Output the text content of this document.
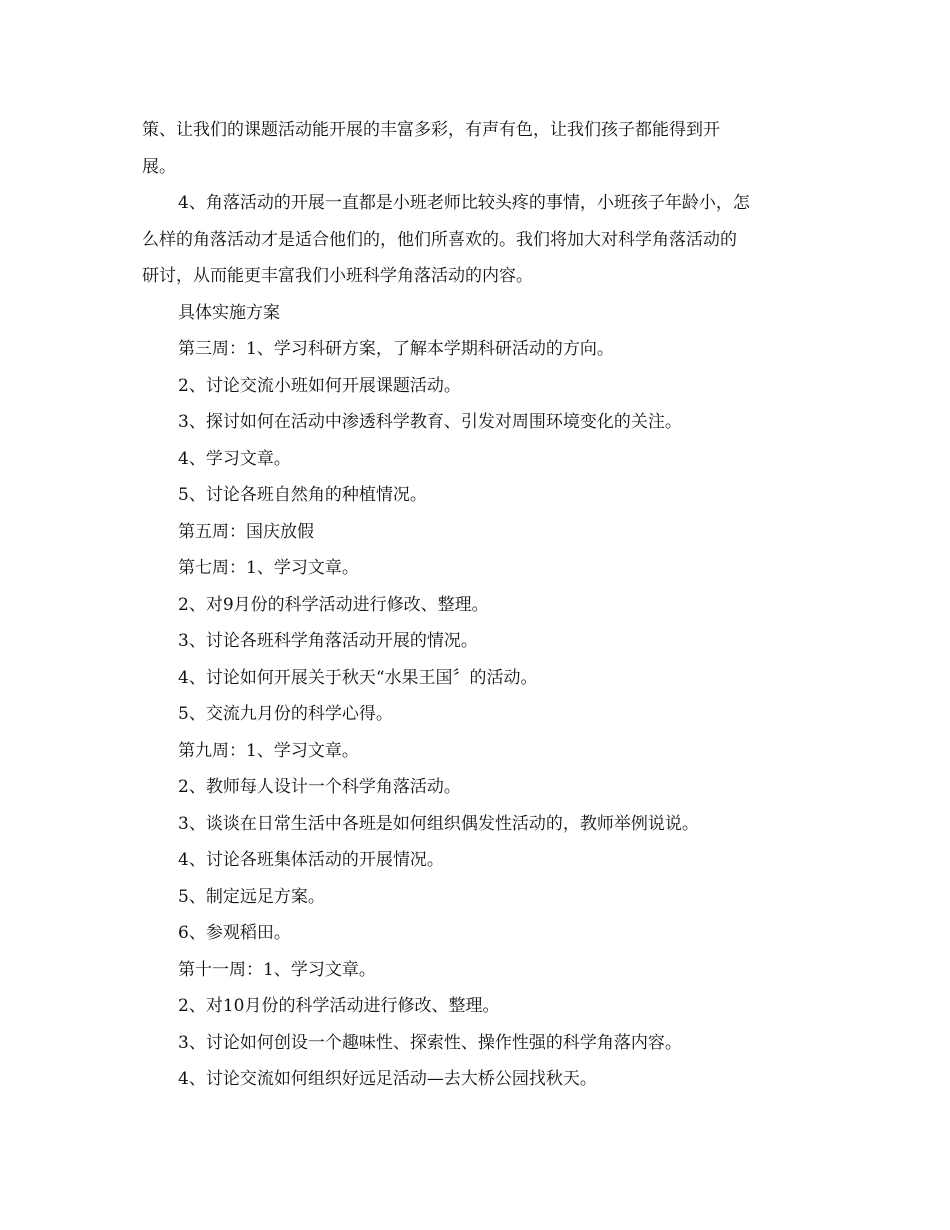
策、让我们的课题活动能开展的丰富多彩，有声有色，让我们孩子都能得到开

展。

4、角落活动的开展一直都是小班老师比较头疼的事情，小班孩子年龄小，怎

么样的角落活动才是适合他们的，他们所喜欢的。我们将加大对科学角落活动的

研讨，从而能更丰富我们小班科学角落活动的内容。

具体实施方案

第三周：1、学习科研方案，了解本学期科研活动的方向。

2、讨论交流小班如何开展课题活动。

3、探讨如何在活动中渗透科学教育、引发对周围环境变化的关注。

4、学习文章。

5、讨论各班自然角的种植情况。

第五周：国庆放假

第七周：1、学习文章。

2、对9月份的科学活动进行修改、整理。

3、讨论各班科学角落活动开展的情况。

4、讨论如何开展关于秋天“水果王国〞的活动。

5、交流九月份的科学心得。

第九周：1、学习文章。

2、教师每人设计一个科学角落活动。

3、谈谈在日常生活中各班是如何组织偶发性活动的，教师举例说说。

4、讨论各班集体活动的开展情况。

5、制定远足方案。

6、参观稻田。

第十一周：1、学习文章。

2、对10月份的科学活动进行修改、整理。

3、讨论如何创设一个趣味性、探索性、操作性强的科学角落内容。

4、讨论交流如何组织好远足活动—去大桥公园找秋天。
